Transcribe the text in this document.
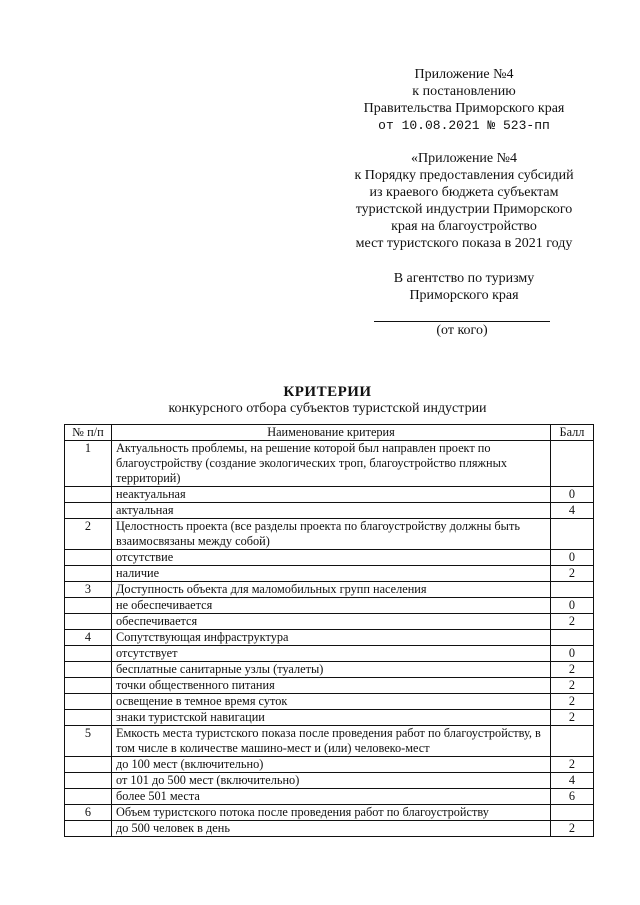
Приложение №4
к постановлению
Правительства Приморского края
от 10.08.2021 № 523-пп
«Приложение №4
к Порядку предоставления субсидий
из краевого бюджета субъектам
туристской индустрии Приморского
края на благоустройство
мест туристского показа в 2021 году
В агентство по туризму
Приморского края
(от кого)
КРИТЕРИИ
конкурсного отбора субъектов туристской индустрии
№ п/п	Наименование критерия	Балл
1	Актуальность проблемы, на решение которой был направлен проект по благоустройству (создание экологических троп, благоустройство пляжных территорий)	
	неактуальная	0
	актуальная	4
2	Целостность проекта (все разделы проекта по благоустройству должны быть взаимосвязаны между собой)	
	отсутствие	0
	наличие	2
3	Доступность объекта для маломобильных групп населения	
	не обеспечивается	0
	обеспечивается	2
4	Сопутствующая инфраструктура	
	отсутствует	0
	бесплатные санитарные узлы (туалеты)	2
	точки общественного питания	2
	освещение в темное время суток	2
	знаки туристской навигации	2
5	Емкость места туристского показа после проведения работ по благоустройству, в том числе в количестве машино-мест и (или) человеко-мест	
	до 100 мест (включительно)	2
	от 101 до 500 мест (включительно)	4
	более 501 места	6
6	Объем туристского потока после проведения работ по благоустройству	
	до 500 человек в день	2
